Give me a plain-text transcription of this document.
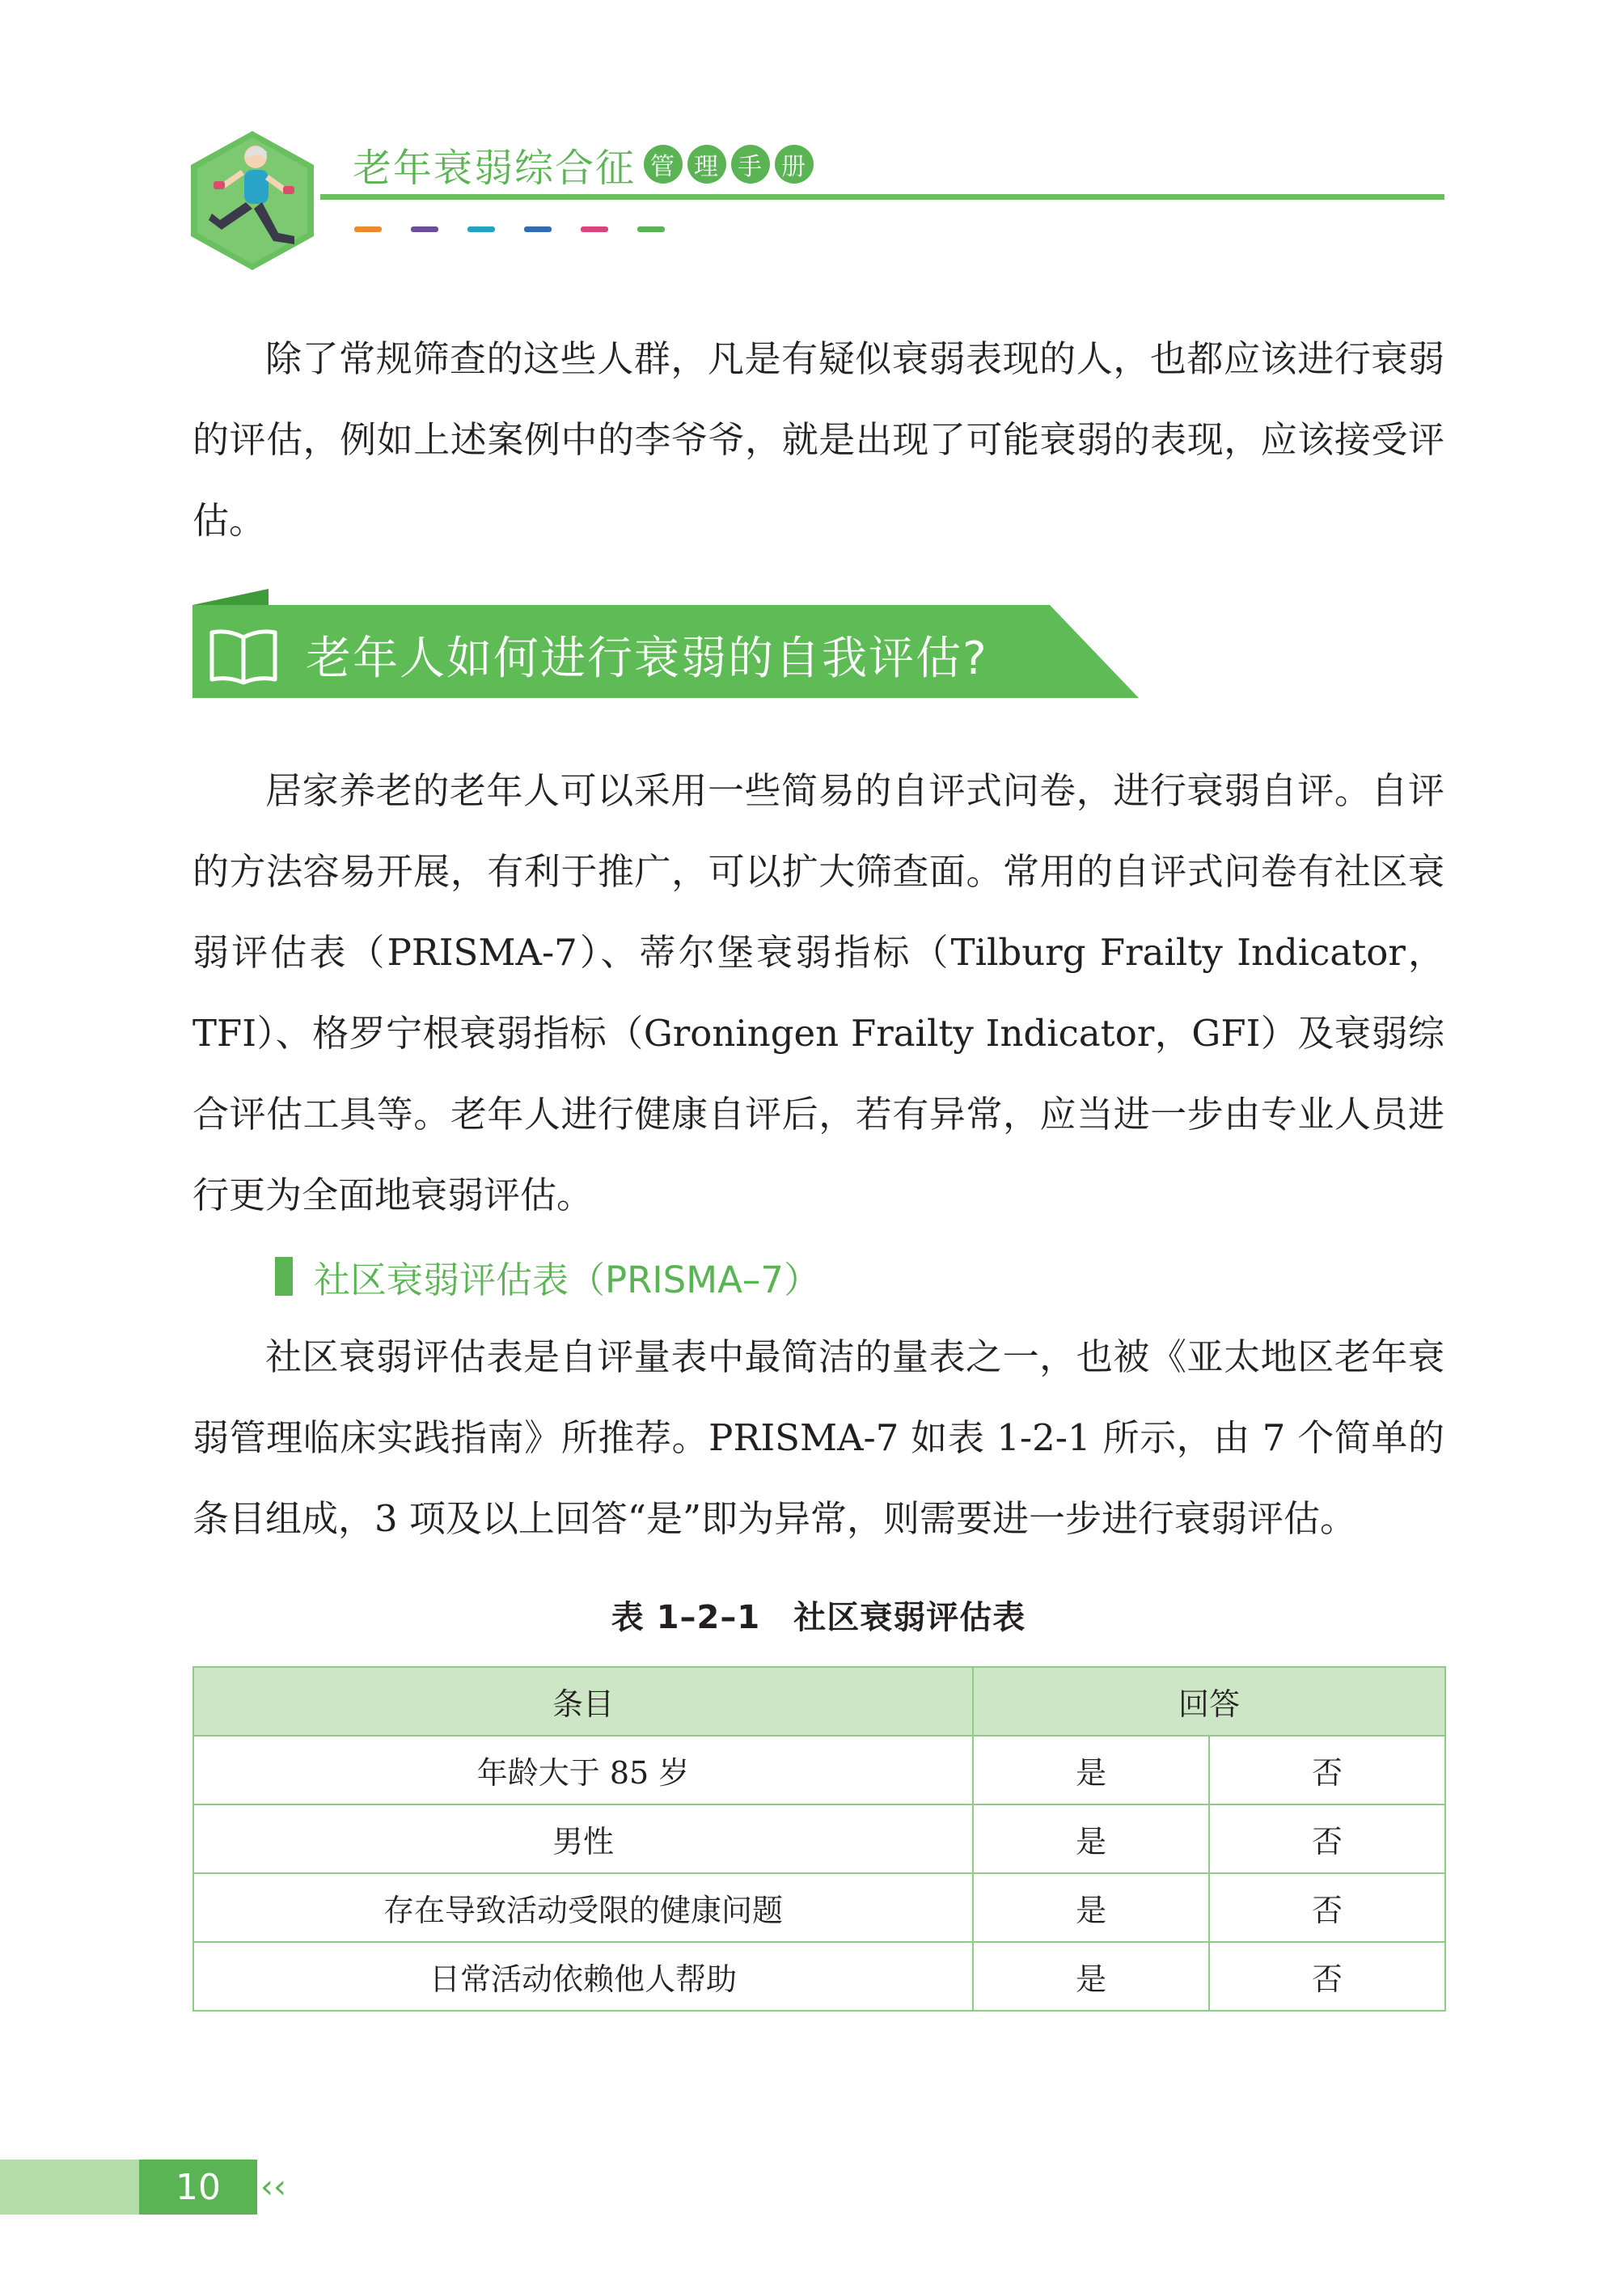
老年衰弱综合征 管 理 手 册

除了常规筛查的这些人群，凡是有疑似衰弱表现的人，也都应该进行衰弱的评估，例如上述案例中的李爷爷，就是出现了可能衰弱的表现，应该接受评估。

老年人如何进行衰弱的自我评估?

居家养老的老年人可以采用一些简易的自评式问卷，进行衰弱自评。自评的方法容易开展，有利于推广，可以扩大筛查面。常用的自评式问卷有社区衰弱评估表（PRISMA-7）、蒂尔堡衰弱指标（Tilburg Frailty Indicator，TFI）、格罗宁根衰弱指标（Groningen Frailty Indicator，GFI）及衰弱综合评估工具等。老年人进行健康自评后，若有异常，应当进一步由专业人员进行更为全面地衰弱评估。

社区衰弱评估表（PRISMA–7）

社区衰弱评估表是自评量表中最简洁的量表之一，也被《亚太地区老年衰弱管理临床实践指南》所推荐。PRISMA-7 如表 1-2-1 所示，由 7 个简单的条目组成，3 项及以上回答“是”即为异常，则需要进一步进行衰弱评估。

表 1–2–1　社区衰弱评估表
条目	回答	
年龄大于 85 岁	是	否
男性	是	否
存在导致活动受限的健康问题	是	否
日常活动依赖他人帮助	是	否
10	‹‹
